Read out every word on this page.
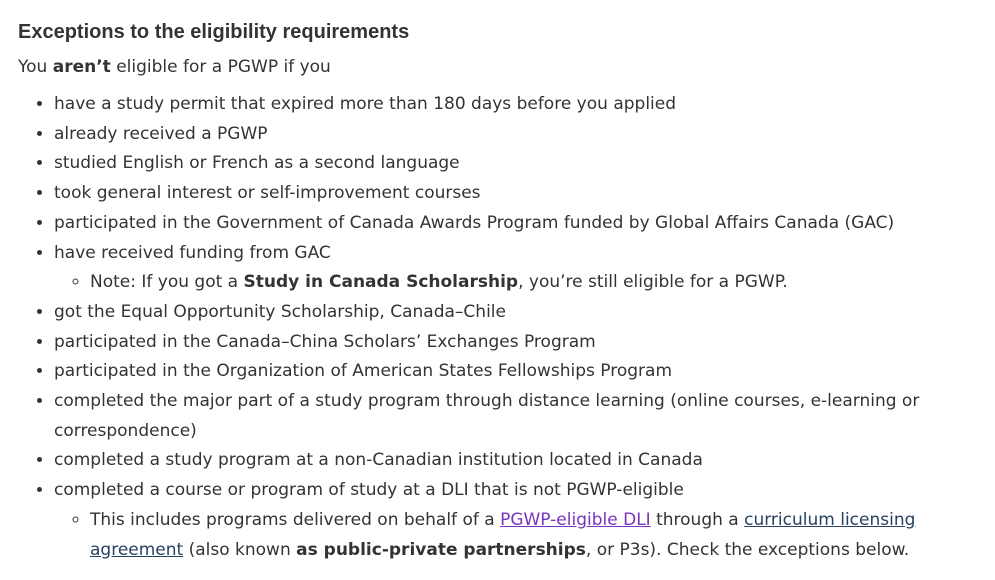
Exceptions to the eligibility requirements

You aren’t eligible for a PGWP if you

• have a study permit that expired more than 180 days before you applied
• already received a PGWP
• studied English or French as a second language
• took general interest or self-improvement courses
• participated in the Government of Canada Awards Program funded by Global Affairs Canada (GAC)
• have received funding from GAC
◦ Note: If you got a Study in Canada Scholarship, you’re still eligible for a PGWP.
• got the Equal Opportunity Scholarship, Canada–Chile
• participated in the Canada–China Scholars’ Exchanges Program
• participated in the Organization of American States Fellowships Program
• completed the major part of a study program through distance learning (online courses, e-learning or correspondence)
• completed a study program at a non-Canadian institution located in Canada
• completed a course or program of study at a DLI that is not PGWP-eligible
◦ This includes programs delivered on behalf of a PGWP-eligible DLI through a curriculum licensing agreement (also known as public-private partnerships, or P3s). Check the exceptions below.
